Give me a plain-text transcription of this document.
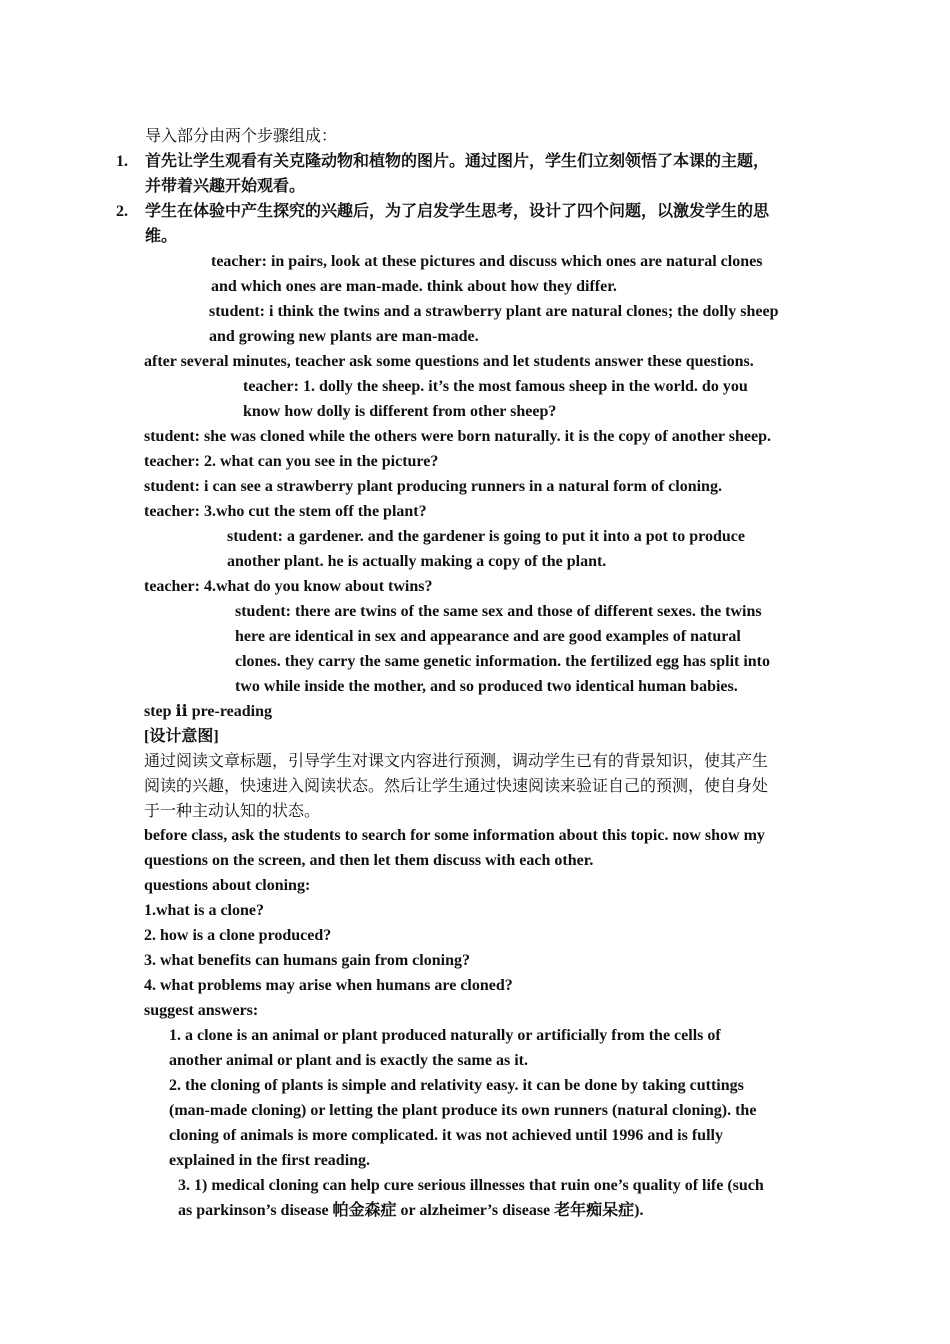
导入部分由两个步骤组成：
1. 首先让学生观看有关克隆动物和植物的图片。通过图片，学生们立刻领悟了本课的主题，
并带着兴趣开始观看。
2. 学生在体验中产生探究的兴趣后，为了启发学生思考，设计了四个问题，以激发学生的思
维。
teacher: in pairs, look at these pictures and discuss which ones are natural clones
and which ones are man-made. think about how they differ.
student: i think the twins and a strawberry plant are natural clones; the dolly sheep
and growing new plants are man-made.
after several minutes, teacher ask some questions and let students answer these questions.
teacher: 1. dolly the sheep. it’s the most famous sheep in the world. do you
know how dolly is different from other sheep?
student: she was cloned while the others were born naturally. it is the copy of another sheep.
teacher: 2. what can you see in the picture?
student: i can see a strawberry plant producing runners in a natural form of cloning.
teacher: 3.who cut the stem off the plant?
student: a gardener. and the gardener is going to put it into a pot to produce
another plant. he is actually making a copy of the plant.
teacher: 4.what do you know about twins?
student: there are twins of the same sex and those of different sexes. the twins
here are identical in sex and appearance and are good examples of natural
clones. they carry the same genetic information. the fertilized egg has split into
two while inside the mother, and so produced two identical human babies.
step ⅱ pre-reading
[设计意图]
通过阅读文章标题，引导学生对课文内容进行预测，调动学生已有的背景知识，使其产生
阅读的兴趣，快速进入阅读状态。然后让学生通过快速阅读来验证自己的预测，使自身处
于一种主动认知的状态。
before class, ask the students to search for some information about this topic. now show my
questions on the screen, and then let them discuss with each other.
questions about cloning:
1.what is a clone?
2. how is a clone produced?
3. what benefits can humans gain from cloning?
4. what problems may arise when humans are cloned?
suggest answers:
1. a clone is an animal or plant produced naturally or artificially from the cells of
another animal or plant and is exactly the same as it.
2. the cloning of plants is simple and relativity easy. it can be done by taking cuttings
(man-made cloning) or letting the plant produce its own runners (natural cloning). the
cloning of animals is more complicated. it was not achieved until 1996 and is fully
explained in the first reading.
3. 1) medical cloning can help cure serious illnesses that ruin one’s quality of life (such
as parkinson’s disease 帕金森症 or alzheimer’s disease 老年痴呆症).
